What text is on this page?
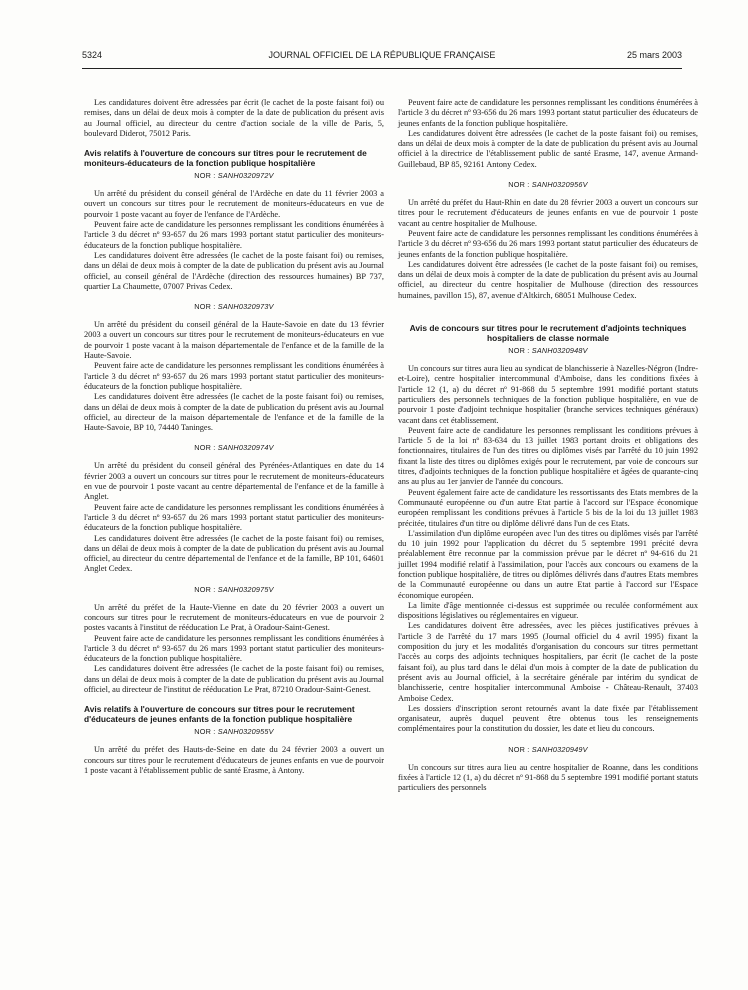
5324	JOURNAL OFFICIEL DE LA RÉPUBLIQUE FRANÇAISE	25 mars 2003

Les candidatures doivent être adressées par écrit (le cachet de la poste faisant foi) ou remises, dans un délai de deux mois à compter de la date de publication du présent avis au Journal officiel, au directeur du centre d'action sociale de la ville de Paris, 5, boulevard Diderot, 75012 Paris.

Avis relatifs à l'ouverture de concours sur titres pour le recrutement de moniteurs-éducateurs de la fonction publique hospitalière
NOR : SANH0320972V

Un arrêté du président du conseil général de l'Ardèche en date du 11 février 2003 a ouvert un concours sur titres pour le recrutement de moniteurs-éducateurs en vue de pourvoir 1 poste vacant au foyer de l'enfance de l'Ardèche.

Peuvent faire acte de candidature les personnes remplissant les conditions énumérées à l'article 3 du décret nº 93-657 du 26 mars 1993 portant statut particulier des moniteurs-éducateurs de la fonction publique hospitalière.

Les candidatures doivent être adressées (le cachet de la poste faisant foi) ou remises, dans un délai de deux mois à compter de la date de publication du présent avis au Journal officiel, au conseil général de l'Ardèche (direction des ressources humaines) BP 737, quartier La Chaumette, 07007 Privas Cedex.

NOR : SANH0320973V

Un arrêté du président du conseil général de la Haute-Savoie en date du 13 février 2003 a ouvert un concours sur titres pour le recrutement de moniteurs-éducateurs en vue de pourvoir 1 poste vacant à la maison départementale de l'enfance et de la famille de la Haute-Savoie.

Peuvent faire acte de candidature les personnes remplissant les conditions énumérées à l'article 3 du décret nº 93-657 du 26 mars 1993 portant statut particulier des moniteurs-éducateurs de la fonction publique hospitalière.

Les candidatures doivent être adressées (le cachet de la poste faisant foi) ou remises, dans un délai de deux mois à compter de la date de publication du présent avis au Journal officiel, au directeur de la maison départementale de l'enfance et de la famille de la Haute-Savoie, BP 10, 74440 Taninges.

NOR : SANH0320974V

Un arrêté du président du conseil général des Pyrénées-Atlantiques en date du 14 février 2003 a ouvert un concours sur titres pour le recrutement de moniteurs-éducateurs en vue de pourvoir 1 poste vacant au centre départemental de l'enfance et de la famille à Anglet.

Peuvent faire acte de candidature les personnes remplissant les conditions énumérées à l'article 3 du décret nº 93-657 du 26 mars 1993 portant statut particulier des moniteurs-éducateurs de la fonction publique hospitalière.

Les candidatures doivent être adressées (le cachet de la poste faisant foi) ou remises, dans un délai de deux mois à compter de la date de publication du présent avis au Journal officiel, au directeur du centre départemental de l'enfance et de la famille, BP 101, 64601 Anglet Cedex.

NOR : SANH0320975V

Un arrêté du préfet de la Haute-Vienne en date du 20 février 2003 a ouvert un concours sur titres pour le recrutement de moniteurs-éducateurs en vue de pourvoir 2 postes vacants à l'institut de rééducation Le Prat, à Oradour-Saint-Genest.

Peuvent faire acte de candidature les personnes remplissant les conditions énumérées à l'article 3 du décret nº 93-657 du 26 mars 1993 portant statut particulier des moniteurs-éducateurs de la fonction publique hospitalière.

Les candidatures doivent être adressées (le cachet de la poste faisant foi) ou remises, dans un délai de deux mois à compter de la date de publication du présent avis au Journal officiel, au directeur de l'institut de rééducation Le Prat, 87210 Oradour-Saint-Genest.

Avis relatifs à l'ouverture de concours sur titres pour le recrutement d'éducateurs de jeunes enfants de la fonction publique hospitalière
NOR : SANH0320955V

Un arrêté du préfet des Hauts-de-Seine en date du 24 février 2003 a ouvert un concours sur titres pour le recrutement d'éducateurs de jeunes enfants en vue de pourvoir 1 poste vacant à l'établissement public de santé Erasme, à Antony.

Peuvent faire acte de candidature les personnes remplissant les conditions énumérées à l'article 3 du décret nº 93-656 du 26 mars 1993 portant statut particulier des éducateurs de jeunes enfants de la fonction publique hospitalière.

Les candidatures doivent être adressées (le cachet de la poste faisant foi) ou remises, dans un délai de deux mois à compter de la date de publication du présent avis au Journal officiel à la directrice de l'établissement public de santé Erasme, 147, avenue Armand-Guillebaud, BP 85, 92161 Antony Cedex.

NOR : SANH0320956V

Un arrêté du préfet du Haut-Rhin en date du 28 février 2003 a ouvert un concours sur titres pour le recrutement d'éducateurs de jeunes enfants en vue de pourvoir 1 poste vacant au centre hospitalier de Mulhouse.

Peuvent faire acte de candidature les personnes remplissant les conditions énumérées à l'article 3 du décret nº 93-656 du 26 mars 1993 portant statut particulier des éducateurs de jeunes enfants de la fonction publique hospitalière.

Les candidatures doivent être adressées (le cachet de la poste faisant foi) ou remises, dans un délai de deux mois à compter de la date de publication du présent avis au Journal officiel, au directeur du centre hospitalier de Mulhouse (direction des ressources humaines, pavillon 15), 87, avenue d'Altkirch, 68051 Mulhouse Cedex.

Avis de concours sur titres pour le recrutement d'adjoints techniques hospitaliers de classe normale
NOR : SANH0320948V

Un concours sur titres aura lieu au syndicat de blanchisserie à Nazelles-Négron (Indre-et-Loire), centre hospitalier intercommunal d'Amboise, dans les conditions fixées à l'article 12 (1, a) du décret nº 91-868 du 5 septembre 1991 modifié portant statuts particuliers des personnels techniques de la fonction publique hospitalière, en vue de pourvoir 1 poste d'adjoint technique hospitalier (branche services techniques généraux) vacant dans cet établissement.

Peuvent faire acte de candidature les personnes remplissant les conditions prévues à l'article 5 de la loi nº 83-634 du 13 juillet 1983 portant droits et obligations des fonctionnaires, titulaires de l'un des titres ou diplômes visés par l'arrêté du 10 juin 1992 fixant la liste des titres ou diplômes exigés pour le recrutement, par voie de concours sur titres, d'adjoints techniques de la fonction publique hospitalière et âgées de quarante-cinq ans au plus au 1er janvier de l'année du concours.

Peuvent également faire acte de candidature les ressortissants des Etats membres de la Communauté européenne ou d'un autre Etat partie à l'accord sur l'Espace économique européen remplissant les conditions prévues à l'article 5 bis de la loi du 13 juillet 1983 précitée, titulaires d'un titre ou diplôme délivré dans l'un de ces Etats.

L'assimilation d'un diplôme européen avec l'un des titres ou diplômes visés par l'arrêté du 10 juin 1992 pour l'application du décret du 5 septembre 1991 précité devra préalablement être reconnue par la commission prévue par le décret nº 94-616 du 21 juillet 1994 modifié relatif à l'assimilation, pour l'accès aux concours ou examens de la fonction publique hospitalière, de titres ou diplômes délivrés dans d'autres Etats membres de la Communauté européenne ou dans un autre Etat partie à l'accord sur l'Espace économique européen.

La limite d'âge mentionnée ci-dessus est supprimée ou reculée conformément aux dispositions législatives ou réglementaires en vigueur.

Les candidatures doivent être adressées, avec les pièces justificatives prévues à l'article 3 de l'arrêté du 17 mars 1995 (Journal officiel du 4 avril 1995) fixant la composition du jury et les modalités d'organisation du concours sur titres permettant l'accès au corps des adjoints techniques hospitaliers, par écrit (le cachet de la poste faisant foi), au plus tard dans le délai d'un mois à compter de la date de publication du présent avis au Journal officiel, à la secrétaire générale par intérim du syndicat de blanchisserie, centre hospitalier intercommunal Amboise - Château-Renault, 37403 Amboise Cedex.

Les dossiers d'inscription seront retournés avant la date fixée par l'établissement organisateur, auprès duquel peuvent être obtenus tous les renseignements complémentaires pour la constitution du dossier, les date et lieu du concours.

NOR : SANH0320949V

Un concours sur titres aura lieu au centre hospitalier de Roanne, dans les conditions fixées à l'article 12 (1, a) du décret nº 91-868 du 5 septembre 1991 modifié portant statuts particuliers des personnels
